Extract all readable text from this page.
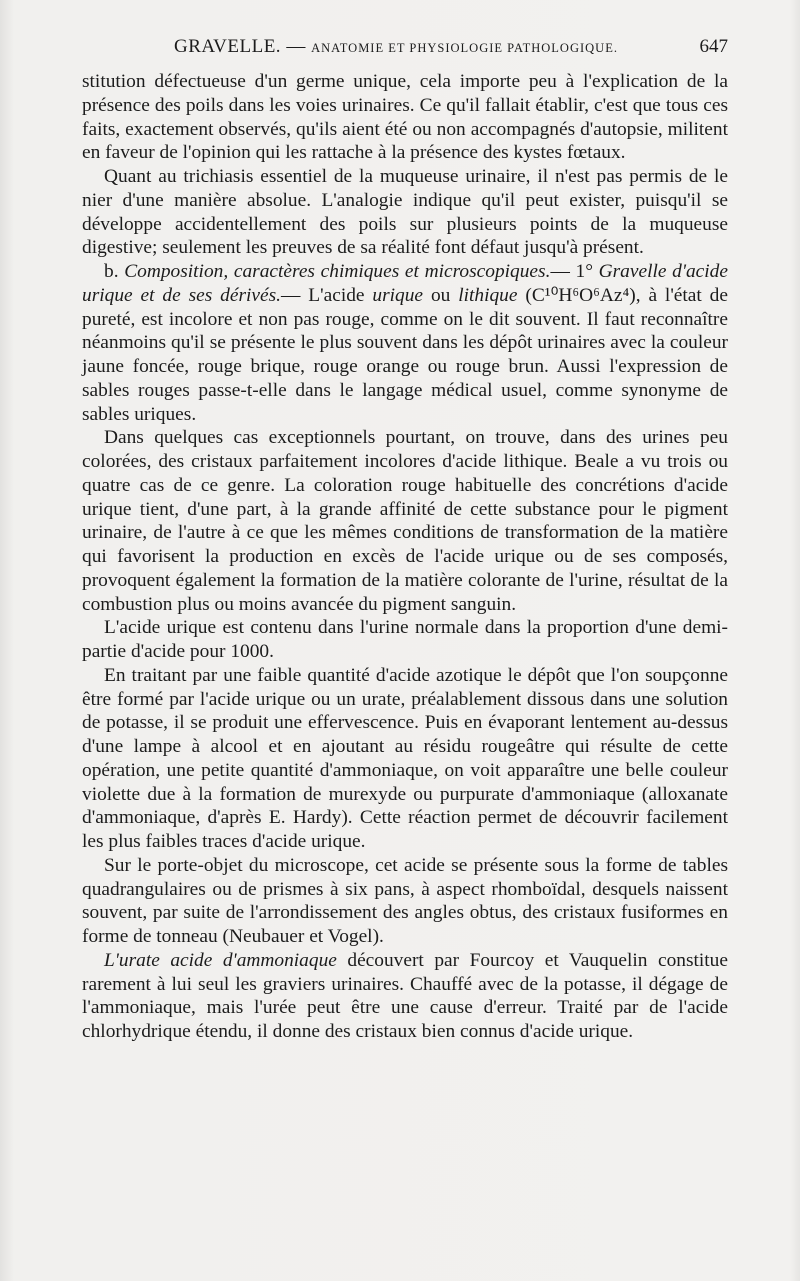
GRAVELLE. — ANATOMIE ET PHYSIOLOGIE PATHOLOGIQUE.	647

stitution défectueuse d'un germe unique, cela importe peu à l'explication de la présence des poils dans les voies urinaires. Ce qu'il fallait établir, c'est que tous ces faits, exactement observés, qu'ils aient été ou non accompagnés d'autopsie, militent en faveur de l'opinion qui les rattache à la présence des kystes fœtaux.

Quant au trichiasis essentiel de la muqueuse urinaire, il n'est pas permis de le nier d'une manière absolue. L'analogie indique qu'il peut exister, puisqu'il se développe accidentellement des poils sur plusieurs points de la muqueuse digestive; seulement les preuves de sa réalité font défaut jusqu'à présent.

b. Composition, caractères chimiques et microscopiques.— 1° Gravelle d'acide urique et de ses dérivés.— L'acide urique ou lithique (C¹⁰H⁶O⁶Az⁴), à l'état de pureté, est incolore et non pas rouge, comme on le dit souvent. Il faut reconnaître néanmoins qu'il se présente le plus souvent dans les dépôt urinaires avec la couleur jaune foncée, rouge brique, rouge orange ou rouge brun. Aussi l'expression de sables rouges passe-t-elle dans le langage médical usuel, comme synonyme de sables uriques.

Dans quelques cas exceptionnels pourtant, on trouve, dans des urines peu colorées, des cristaux parfaitement incolores d'acide lithique. Beale a vu trois ou quatre cas de ce genre. La coloration rouge habituelle des concrétions d'acide urique tient, d'une part, à la grande affinité de cette substance pour le pigment urinaire, de l'autre à ce que les mêmes conditions de transformation de la matière qui favorisent la production en excès de l'acide urique ou de ses composés, provoquent également la formation de la matière colorante de l'urine, résultat de la combustion plus ou moins avancée du pigment sanguin.

L'acide urique est contenu dans l'urine normale dans la proportion d'une demi-partie d'acide pour 1000.

En traitant par une faible quantité d'acide azotique le dépôt que l'on soupçonne être formé par l'acide urique ou un urate, préalablement dissous dans une solution de potasse, il se produit une effervescence. Puis en évaporant lentement au-dessus d'une lampe à alcool et en ajoutant au résidu rougeâtre qui résulte de cette opération, une petite quantité d'ammoniaque, on voit apparaître une belle couleur violette due à la formation de murexyde ou purpurate d'ammoniaque (alloxanate d'ammoniaque, d'après E. Hardy). Cette réaction permet de découvrir facilement les plus faibles traces d'acide urique.

Sur le porte-objet du microscope, cet acide se présente sous la forme de tables quadrangulaires ou de prismes à six pans, à aspect rhomboïdal, desquels naissent souvent, par suite de l'arrondissement des angles obtus, des cristaux fusiformes en forme de tonneau (Neubauer et Vogel).

L'urate acide d'ammoniaque découvert par Fourcoy et Vauquelin constitue rarement à lui seul les graviers urinaires. Chauffé avec de la potasse, il dégage de l'ammoniaque, mais l'urée peut être une cause d'erreur. Traité par de l'acide chlorhydrique étendu, il donne des cristaux bien connus d'acide urique.
